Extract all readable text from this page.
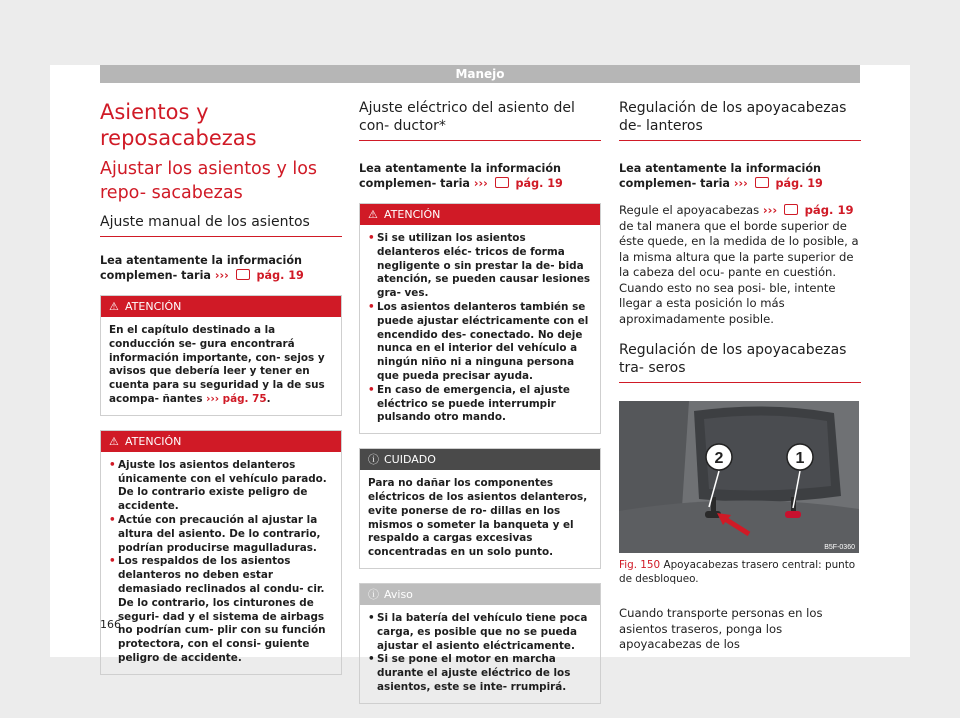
Manejo
Asientos y reposacabezas
Ajustar los asientos y los repo- sacabezas
Ajuste manual de los asientos
Lea atentamente la información complemen- taria ››› pág. 19
⚠ ATENCIÓN
En el capítulo destinado a la conducción se- gura encontrará información importante, con- sejos y avisos que debería leer y tener en cuenta para su seguridad y la de sus acompa- ñantes ››› pág. 75.
⚠ ATENCIÓN
• Ajuste los asientos delanteros únicamente con el vehículo parado. De lo contrario existe peligro de accidente.
• Actúe con precaución al ajustar la altura del asiento. De lo contrario, podrían producirse magulladuras.
• Los respaldos de los asientos delanteros no deben estar demasiado reclinados al condu- cir. De lo contrario, los cinturones de seguri- dad y el sistema de airbags no podrían cum- plir con su función protectora, con el consi- guiente peligro de accidente.
Ajuste eléctrico del asiento del con- ductor*
Lea atentamente la información complemen- taria ››› pág. 19
⚠ ATENCIÓN
• Si se utilizan los asientos delanteros eléc- tricos de forma negligente o sin prestar la de- bida atención, se pueden causar lesiones gra- ves.
• Los asientos delanteros también se puede ajustar eléctricamente con el encendido des- conectado. No deje nunca en el interior del vehículo a ningún niño ni a ninguna persona que pueda precisar ayuda.
• En caso de emergencia, el ajuste eléctrico se puede interrumpir pulsando otro mando.
ⓘ CUIDADO
Para no dañar los componentes eléctricos de los asientos delanteros, evite ponerse de ro- dillas en los mismos o someter la banqueta y el respaldo a cargas excesivas concentradas en un solo punto.
ⓘ Aviso
• Si la batería del vehículo tiene poca carga, es posible que no se pueda ajustar el asiento eléctricamente.
• Si se pone el motor en marcha durante el ajuste eléctrico de los asientos, este se inte- rrumpirá.
Regulación de los apoyacabezas de- lanteros
Lea atentamente la información complemen- taria ››› pág. 19
Regule el apoyacabezas ››› pág. 19 de tal manera que el borde superior de éste quede, en la medida de lo posible, a la misma altura que la parte superior de la cabeza del ocu- pante en cuestión. Cuando esto no sea posi- ble, intente llegar a esta posición lo más aproximadamente posible.
Regulación de los apoyacabezas tra- seros
2	1
B5F-0360
Fig. 150 Apoyacabezas trasero central: punto de desbloqueo.
Cuando transporte personas en los asientos traseros, ponga los apoyacabezas de los
166
